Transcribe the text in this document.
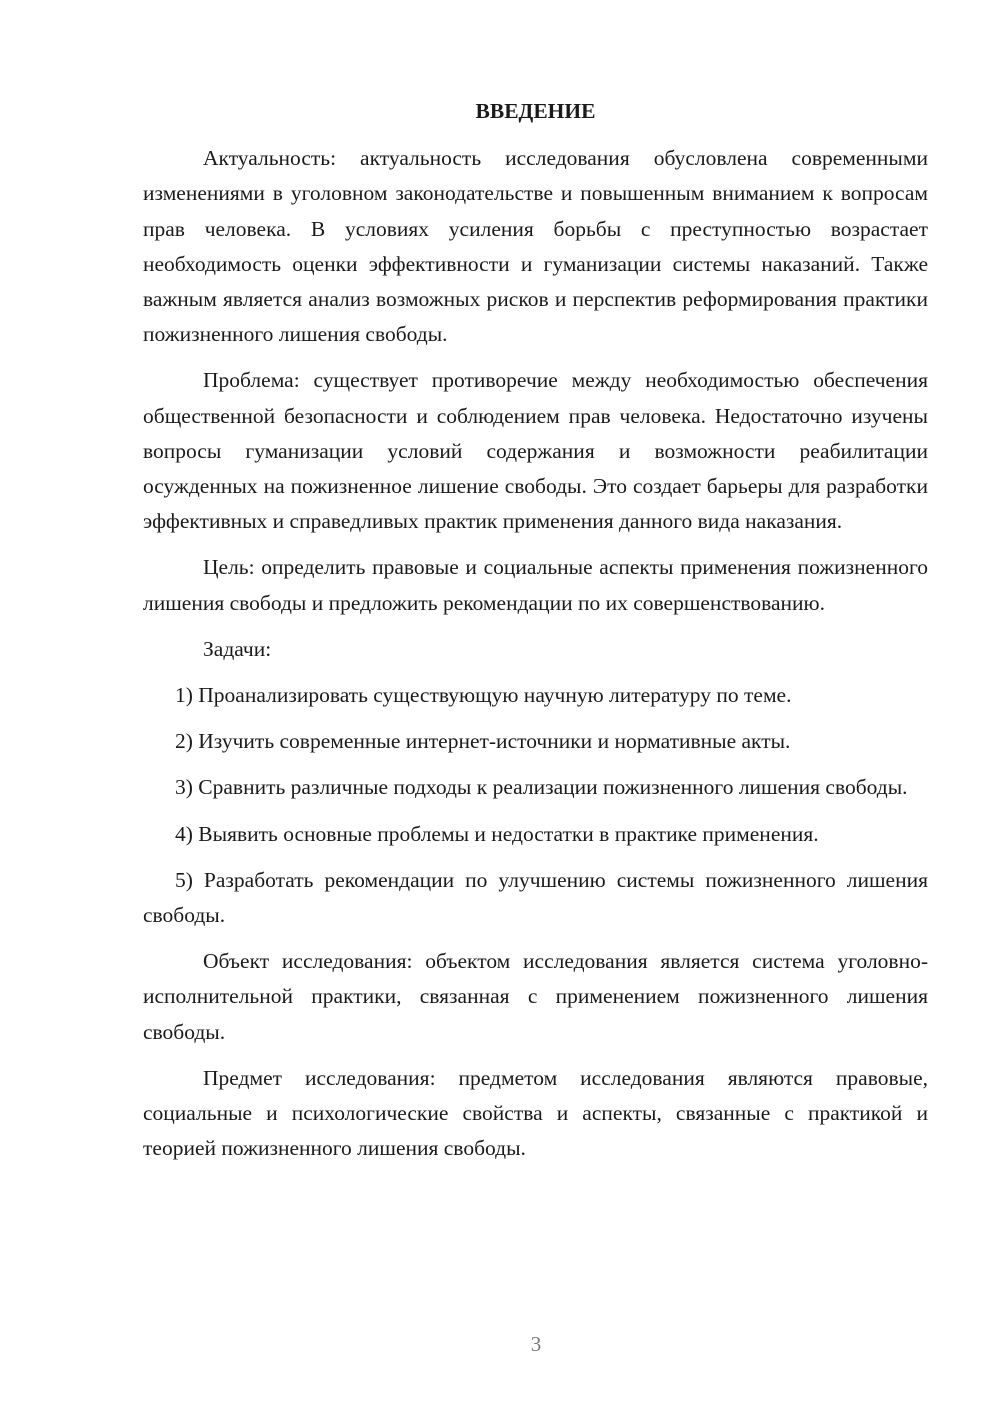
ВВЕДЕНИЕ

Актуальность: актуальность исследования обусловлена современными изменениями в уголовном законодательстве и повышенным вниманием к вопросам прав человека. В условиях усиления борьбы с преступностью возрастает необходимость оценки эффективности и гуманизации системы наказаний. Также важным является анализ возможных рисков и перспектив реформирования практики пожизненного лишения свободы.

Проблема: существует противоречие между необходимостью обеспечения общественной безопасности и соблюдением прав человека. Недостаточно изучены вопросы гуманизации условий содержания и возможности реабилитации осужденных на пожизненное лишение свободы. Это создает барьеры для разработки эффективных и справедливых практик применения данного вида наказания.

Цель: определить правовые и социальные аспекты применения пожизненного лишения свободы и предложить рекомендации по их совершенствованию.

Задачи:

1) Проанализировать существующую научную литературу по теме.

2) Изучить современные интернет-источники и нормативные акты.

3) Сравнить различные подходы к реализации пожизненного лишения свободы.

4) Выявить основные проблемы и недостатки в практике применения.

5) Разработать рекомендации по улучшению системы пожизненного лишения свободы.

Объект исследования: объектом исследования является система уголовно-исполнительной практики, связанная с применением пожизненного лишения свободы.

Предмет исследования: предметом исследования являются правовые, социальные и психологические свойства и аспекты, связанные с практикой и теорией пожизненного лишения свободы.

3
